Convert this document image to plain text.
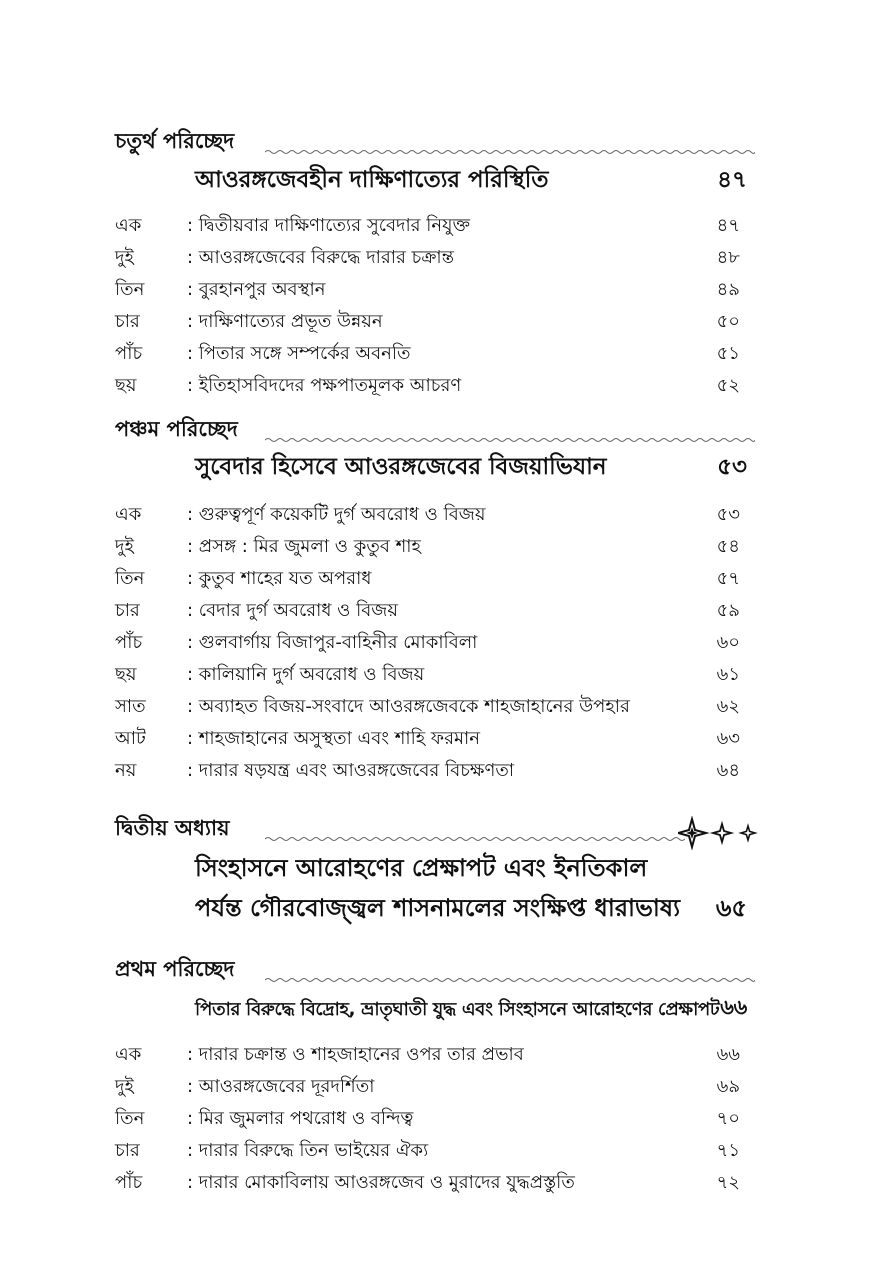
চতুর্থ পরিচ্ছেদ
আওরঙ্গজেবহীন দাক্ষিণাত্যের পরিস্থিতি	৪৭
এক	: দ্বিতীয়বার দাক্ষিণাত্যের সুবেদার নিযুক্ত	৪৭
দুই	: আওরঙ্গজেবের বিরুদ্ধে দারার চক্রান্ত	৪৮
তিন : বুরহানপুর অবস্থান	৪৯
চার	: দাক্ষিণাত্যের প্রভূত উন্নয়ন	৫০
পাঁচ : পিতার সঙ্গে সম্পর্কের অবনতি	৫১
ছয়	: ইতিহাসবিদদের পক্ষপাতমূলক আচরণ	৫২
পঞ্চম পরিচ্ছেদ
সুবেদার হিসেবে আওরঙ্গজেবের বিজয়াভিযান	৫৩
এক	: গুরুত্বপূর্ণ কয়েকটি দুর্গ অবরোধ ও বিজয়	৫৩
দুই	: প্রসঙ্গ : মির জুমলা ও কুতুব শাহ	৫৪
তিন : কুতুব শাহের যত অপরাধ	৫৭
চার	: বেদার দুর্গ অবরোধ ও বিজয়	৫৯
পাঁচ : গুলবার্গায় বিজাপুর-বাহিনীর মোকাবিলা	৬০
ছয়	: কালিয়ানি দুর্গ অবরোধ ও বিজয়	৬১
সাত : অব্যাহত বিজয়-সংবাদে আওরঙ্গজেবকে শাহজাহানের উপহার	৬২
আট : শাহজাহানের অসুস্থতা এবং শাহি ফরমান	৬৩
নয়	: দারার ষড়যন্ত্র এবং আওরঙ্গজেবের বিচক্ষণতা	৬৪
দ্বিতীয় অধ্যায়
সিংহাসনে আরোহণের প্রেক্ষাপট এবং ইনতিকাল
পর্যন্ত গৌরবোজ্জ্বল শাসনামলের সংক্ষিপ্ত ধারাভাষ্য ৬৫
প্রথম পরিচ্ছেদ
পিতার বিরুদ্ধে বিদ্রোহ, ভ্রাতৃঘাতী যুদ্ধ এবং সিংহাসনে আরোহণের প্রেক্ষাপট ৬৬
এক	: দারার চক্রান্ত ও শাহজাহানের ওপর তার প্রভাব	৬৬
দুই	: আওরঙ্গজেবের দূরদর্শিতা	৬৯
তিন : মির জুমলার পথরোধ ও বন্দিত্ব	৭০
চার	: দারার বিরুদ্ধে তিন ভাইয়ের ঐক্য	৭১
পাঁচ : দারার মোকাবিলায় আওরঙ্গজেব ও মুরাদের যুদ্ধপ্রস্তুতি	৭২
